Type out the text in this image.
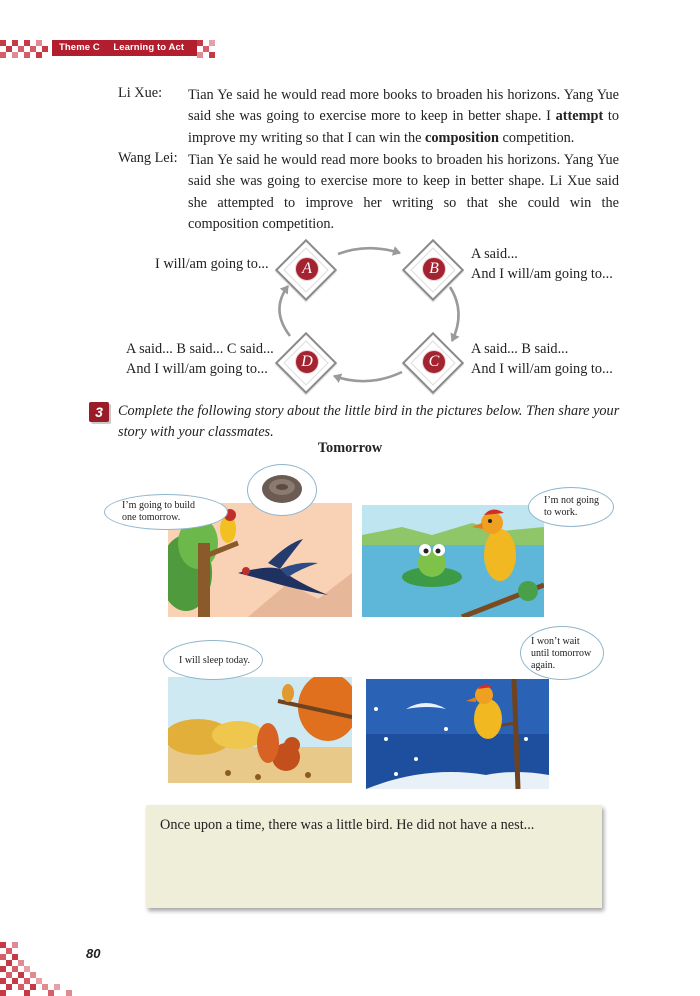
Theme C Learning to Act
Li Xue: Tian Ye said he would read more books to broaden his horizons. Yang Yue said she was going to exercise more to keep in better shape. I attempt to improve my writing so that I can win the composition competition.
Wang Lei: Tian Ye said he would read more books to broaden his horizons. Yang Yue said she was going to exercise more to keep in better shape. Li Xue said she attempted to improve her writing so that she could win the composition competition.
A
I will/am going to...	B
A said...
And I will/am going to...
C
A said... B said...
And I will/am going to...
D
A said... B said... C said...
And I will/am going to...
3	Complete the following story about the little bird in the pictures below. Then share your story with your classmates.
Tomorrow
I’m going to build
one tomorrow.
I’m not going
to work.
I will sleep today.
I won’t wait
until tomorrow
again.
Once upon a time, there was a little bird. He did not have a nest...
80
